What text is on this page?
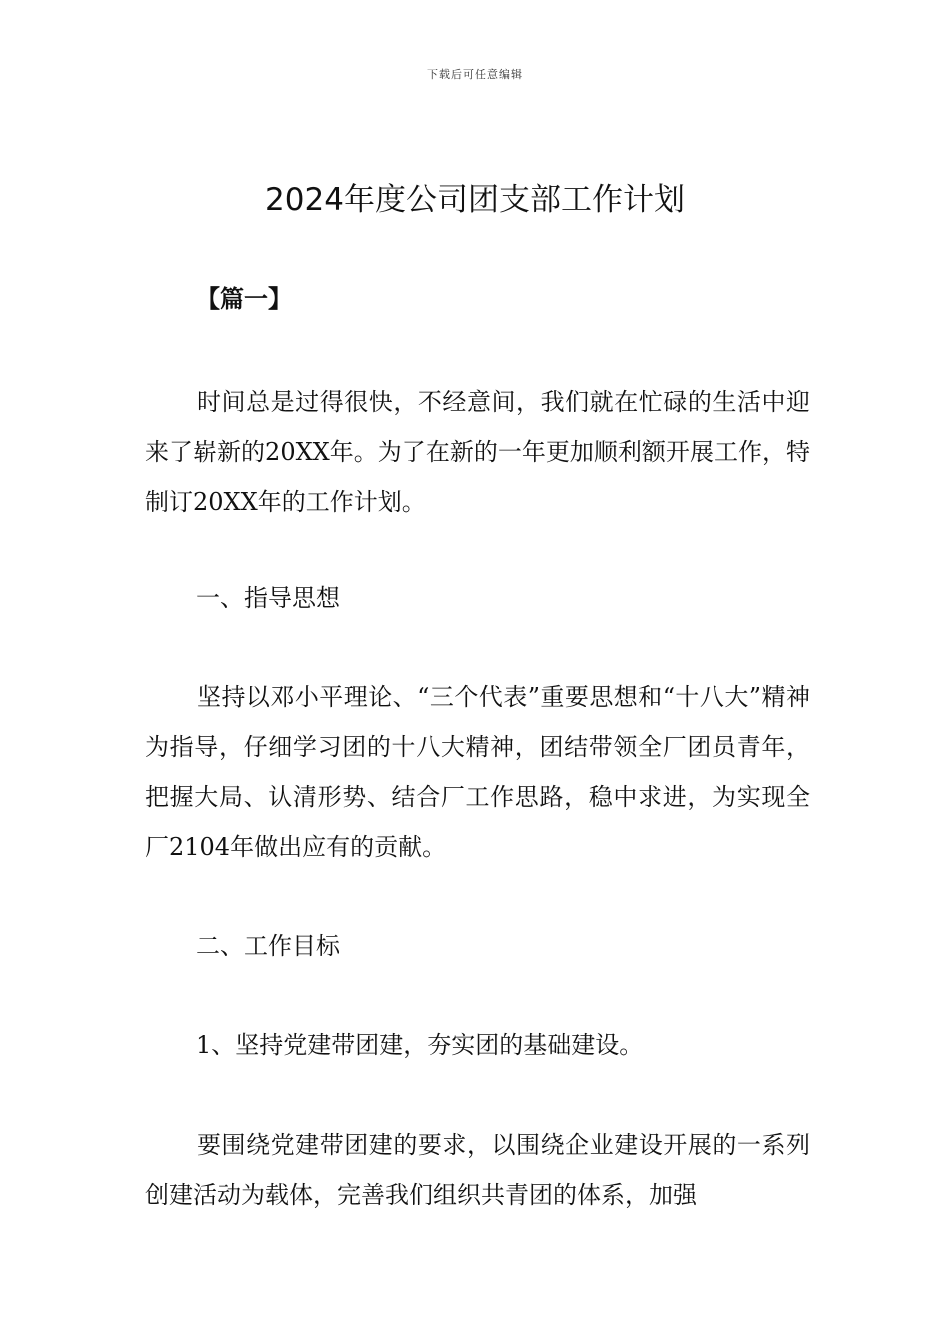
下载后可任意编辑
2024年度公司团支部工作计划
【篇一】

时间总是过得很快，不经意间，我们就在忙碌的生活中迎来了崭新的20XX年。为了在新的一年更加顺利额开展工作，特制订20XX年的工作计划。

一、指导思想

坚持以邓小平理论、“三个代表”重要思想和“十八大”精神为指导，仔细学习团的十八大精神，团结带领全厂团员青年，把握大局、认清形势、结合厂工作思路，稳中求进，为实现全厂2104年做出应有的贡献。

二、工作目标

1、坚持党建带团建，夯实团的基础建设。

要围绕党建带团建的要求，以围绕企业建设开展的一系列创建活动为载体，完善我们组织共青团的体系，加强
